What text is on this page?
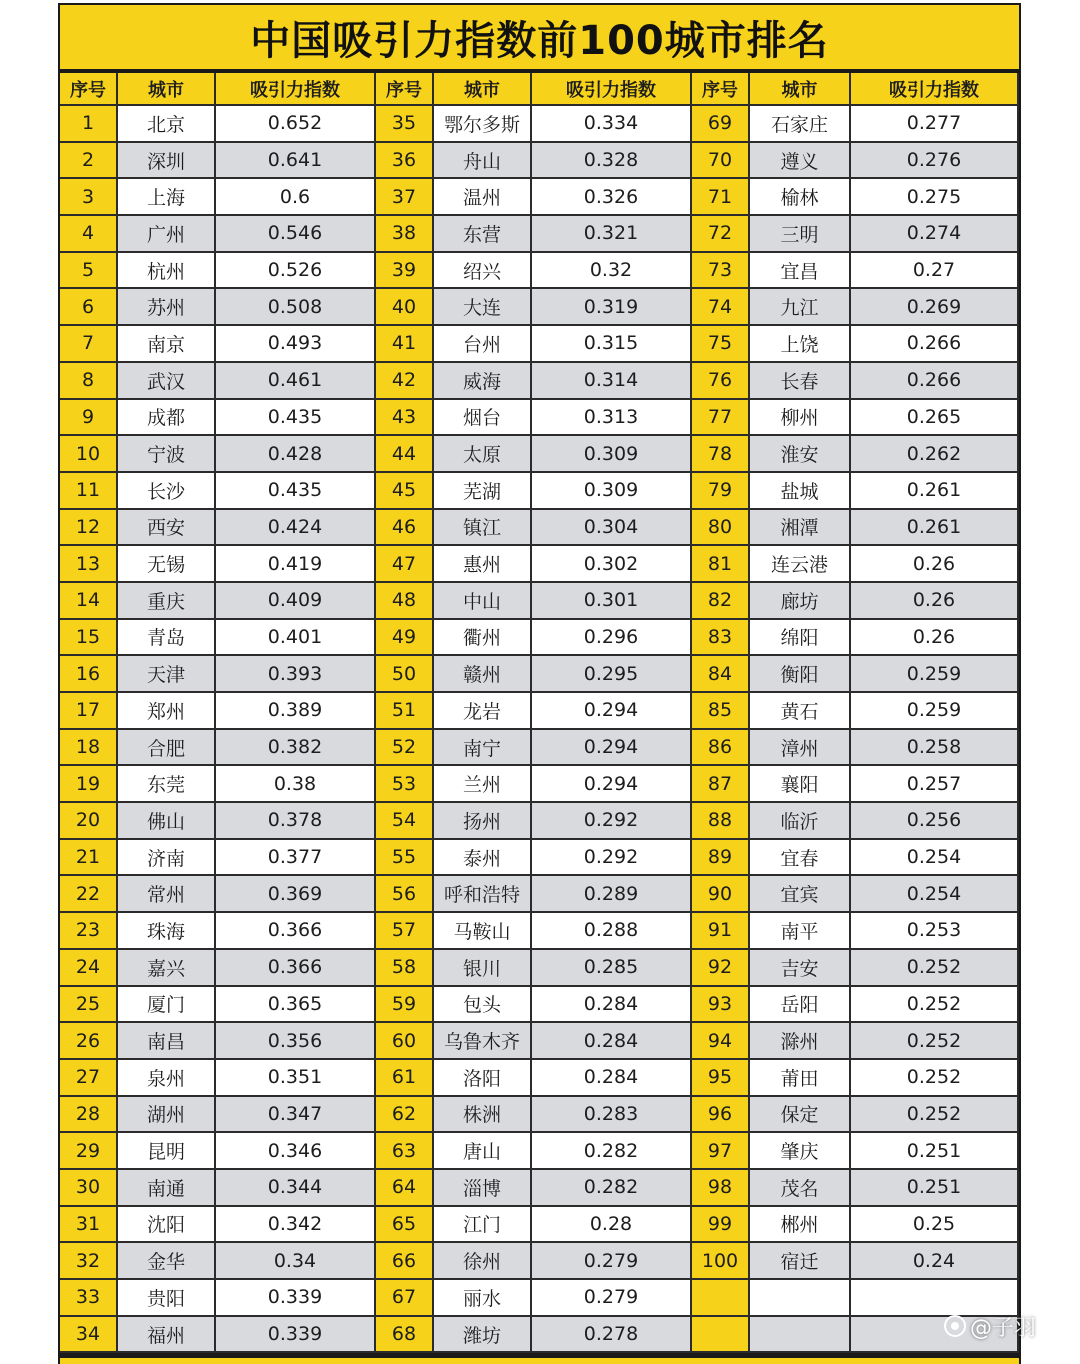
中国吸引力指数前100城市排名
序号	城市	吸引力指数	序号	城市	吸引力指数	序号	城市	吸引力指数
1	北京	0.652	35	鄂尔多斯	0.334	69	石家庄	0.277
2	深圳	0.641	36	舟山	0.328	70	遵义	0.276
3	上海	0.6	37	温州	0.326	71	榆林	0.275
4	广州	0.546	38	东营	0.321	72	三明	0.274
5	杭州	0.526	39	绍兴	0.32	73	宜昌	0.27
6	苏州	0.508	40	大连	0.319	74	九江	0.269
7	南京	0.493	41	台州	0.315	75	上饶	0.266
8	武汉	0.461	42	威海	0.314	76	长春	0.266
9	成都	0.435	43	烟台	0.313	77	柳州	0.265
10	宁波	0.428	44	太原	0.309	78	淮安	0.262
11	长沙	0.435	45	芜湖	0.309	79	盐城	0.261
12	西安	0.424	46	镇江	0.304	80	湘潭	0.261
13	无锡	0.419	47	惠州	0.302	81	连云港	0.26
14	重庆	0.409	48	中山	0.301	82	廊坊	0.26
15	青岛	0.401	49	衢州	0.296	83	绵阳	0.26
16	天津	0.393	50	赣州	0.295	84	衡阳	0.259
17	郑州	0.389	51	龙岩	0.294	85	黄石	0.259
18	合肥	0.382	52	南宁	0.294	86	漳州	0.258
19	东莞	0.38	53	兰州	0.294	87	襄阳	0.257
20	佛山	0.378	54	扬州	0.292	88	临沂	0.256
21	济南	0.377	55	泰州	0.292	89	宜春	0.254
22	常州	0.369	56	呼和浩特	0.289	90	宜宾	0.254
23	珠海	0.366	57	马鞍山	0.288	91	南平	0.253
24	嘉兴	0.366	58	银川	0.285	92	吉安	0.252
25	厦门	0.365	59	包头	0.284	93	岳阳	0.252
26	南昌	0.356	60	乌鲁木齐	0.284	94	滁州	0.252
27	泉州	0.351	61	洛阳	0.284	95	莆田	0.252
28	湖州	0.347	62	株洲	0.283	96	保定	0.252
29	昆明	0.346	63	唐山	0.282	97	肇庆	0.251
30	南通	0.344	64	淄博	0.282	98	茂名	0.251
31	沈阳	0.342	65	江门	0.28	99	郴州	0.25
32	金华	0.34	66	徐州	0.279	100	宿迁	0.24
33	贵阳	0.339	67	丽水	0.279			
34	福州	0.339	68	潍坊	0.278				@子羽
